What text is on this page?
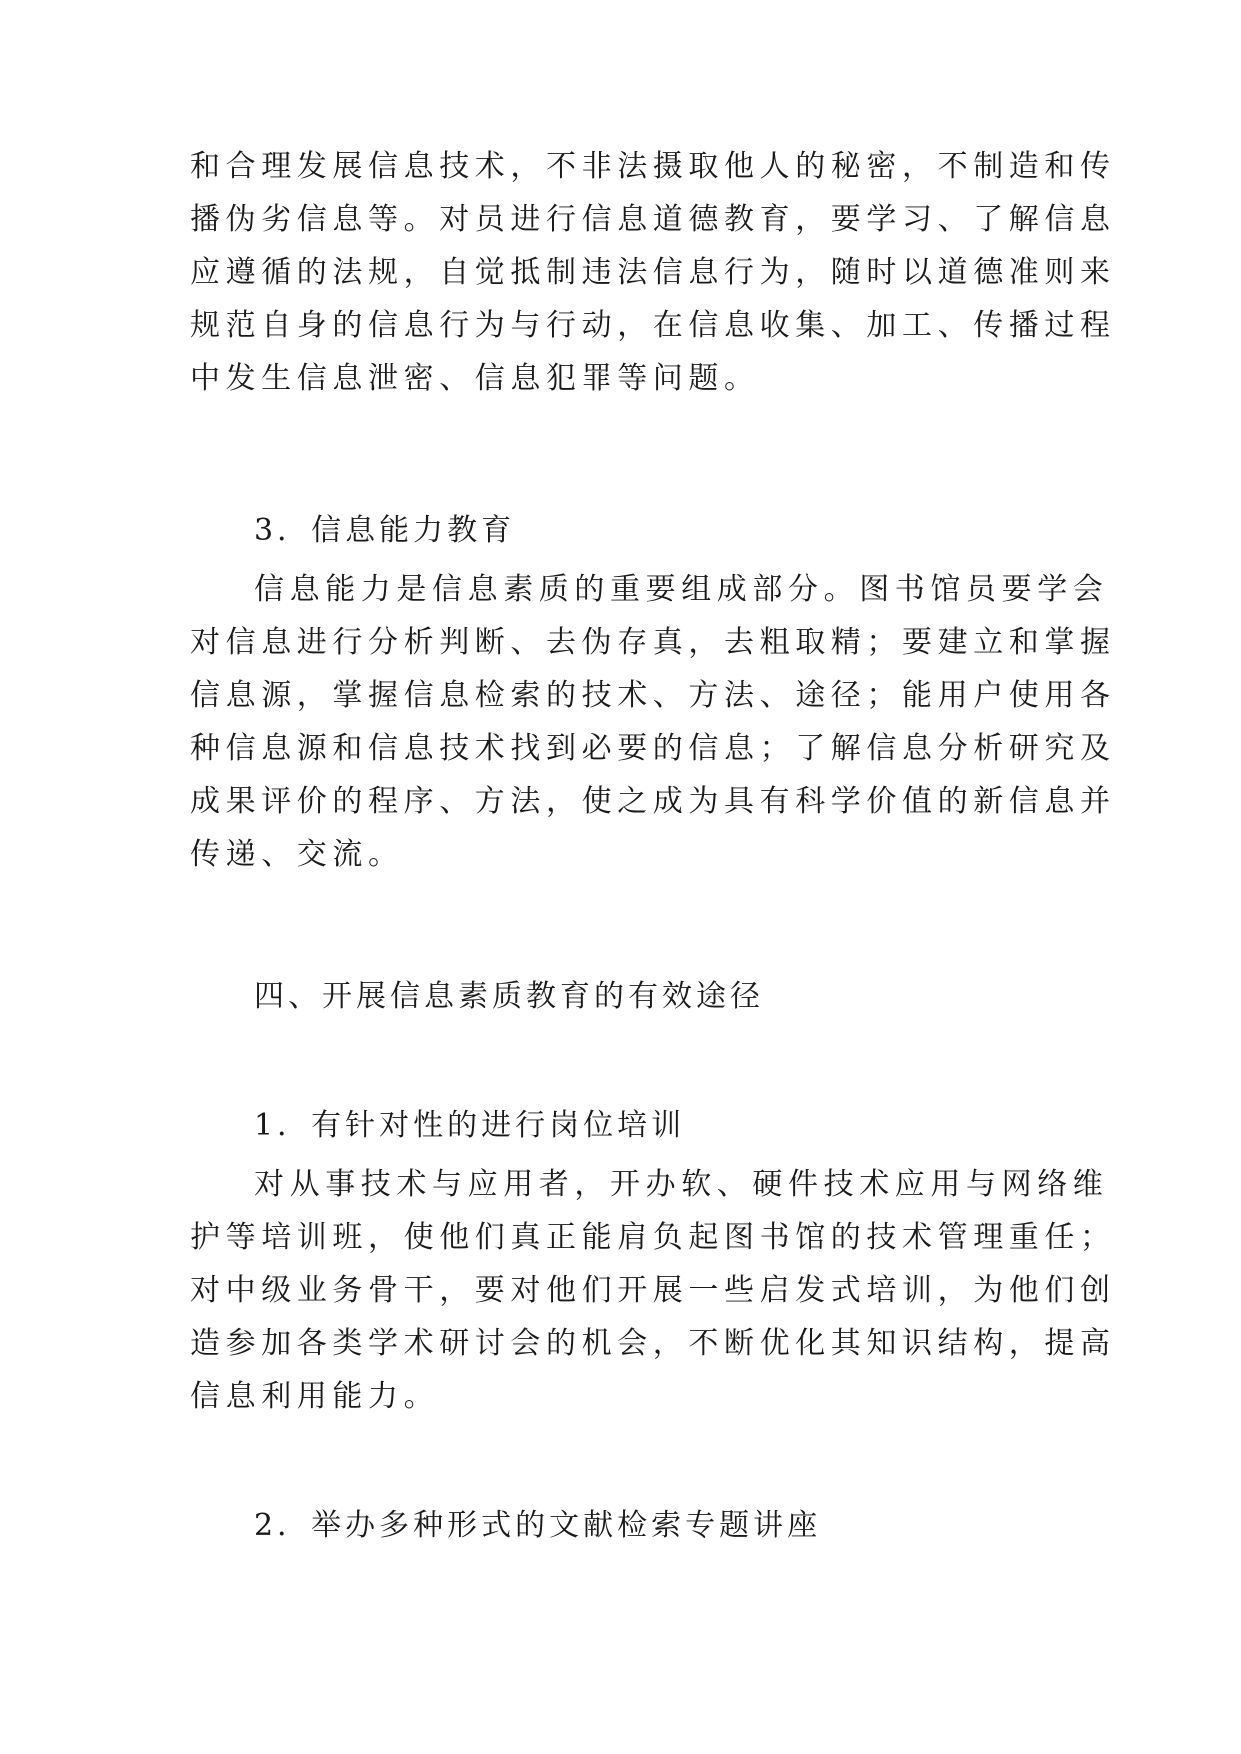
和合理发展信息技术，不非法摄取他人的秘密，不制造和传
播伪劣信息等。对员进行信息道德教育，要学习、了解信息
应遵循的法规，自觉抵制违法信息行为，随时以道德准则来
规范自身的信息行为与行动，在信息收集、加工、传播过程
中发生信息泄密、信息犯罪等问题。
3．信息能力教育
信息能力是信息素质的重要组成部分。图书馆员要学会
对信息进行分析判断、去伪存真，去粗取精；要建立和掌握
信息源，掌握信息检索的技术、方法、途径；能用户使用各
种信息源和信息技术找到必要的信息；了解信息分析研究及
成果评价的程序、方法，使之成为具有科学价值的新信息并
传递、交流。
四、开展信息素质教育的有效途径
1．有针对性的进行岗位培训
对从事技术与应用者，开办软、硬件技术应用与网络维
护等培训班，使他们真正能肩负起图书馆的技术管理重任；
对中级业务骨干，要对他们开展一些启发式培训，为他们创
造参加各类学术研讨会的机会，不断优化其知识结构，提高
信息利用能力。
2．举办多种形式的文献检索专题讲座
